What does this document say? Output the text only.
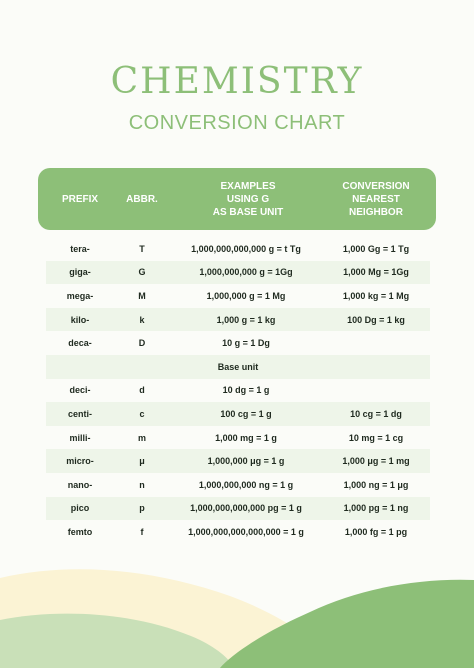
CHEMISTRY
CONVERSION CHART
PREFIX	ABBR.
EXAMPLES
USING G
AS BASE UNIT
CONVERSION
NEAREST
NEIGHBOR
tera-	T	1,000,000,000,000 g = t Tg	1,000 Gg = 1 Tg
giga-	G	1,000,000,000 g = 1Gg	1,000 Mg = 1Gg
mega-	M	1,000,000 g = 1 Mg	1,000 kg = 1 Mg
kilo-	k	1,000 g = 1 kg	100 Dg = 1 kg
deca-	D	10 g = 1 Dg
Base unit
deci-	d	10 dg = 1 g
centi-	c	100 cg = 1 g	10 cg = 1 dg
milli-	m	1,000 mg = 1 g	10 mg = 1 cg
micro-	μ	1,000,000 μg = 1 g	1,000 μg = 1 mg
nano-	n	1,000,000,000 ng = 1 g	1,000 ng = 1 μg
pico	p	1,000,000,000,000 pg = 1 g	1,000 pg = 1 ng
femto	f	1,000,000,000,000,000 = 1 g	1,000 fg = 1 pg
